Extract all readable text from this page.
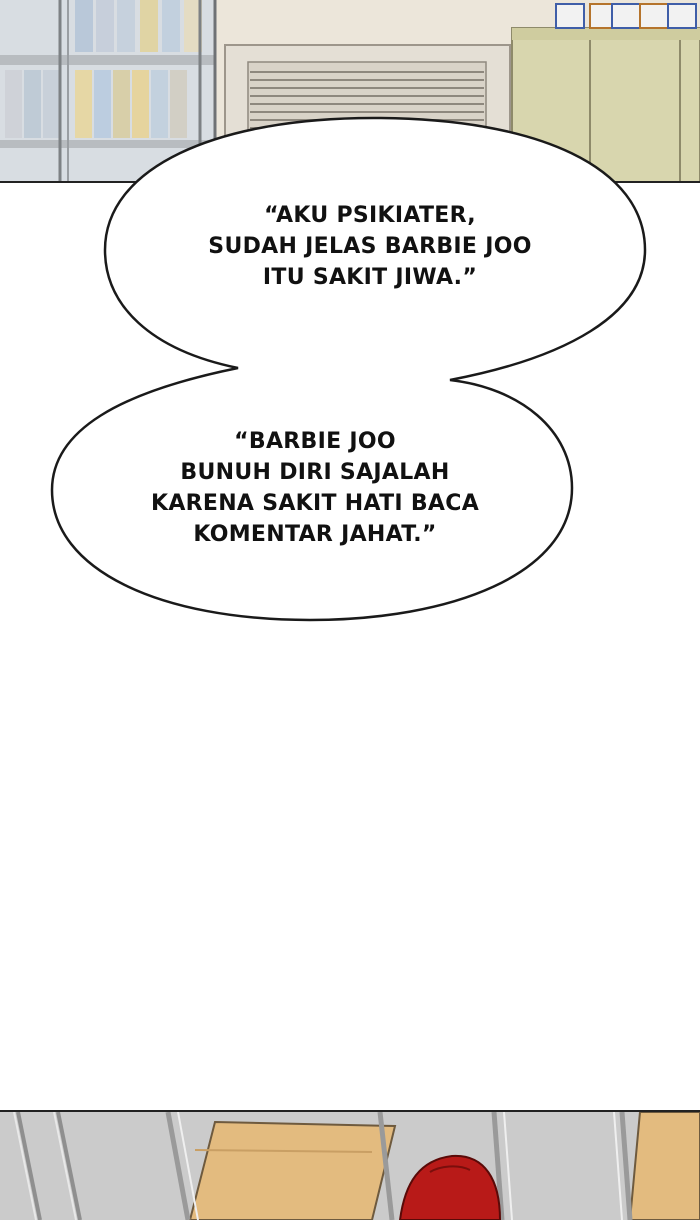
“AKU PSIKIATER,
SUDAH JELAS BARBIE JOO
ITU SAKIT JIWA.”
“BARBIE JOO
BUNUH DIRI SAJALAH
KARENA SAKIT HATI BACA
KOMENTAR JAHAT.”
